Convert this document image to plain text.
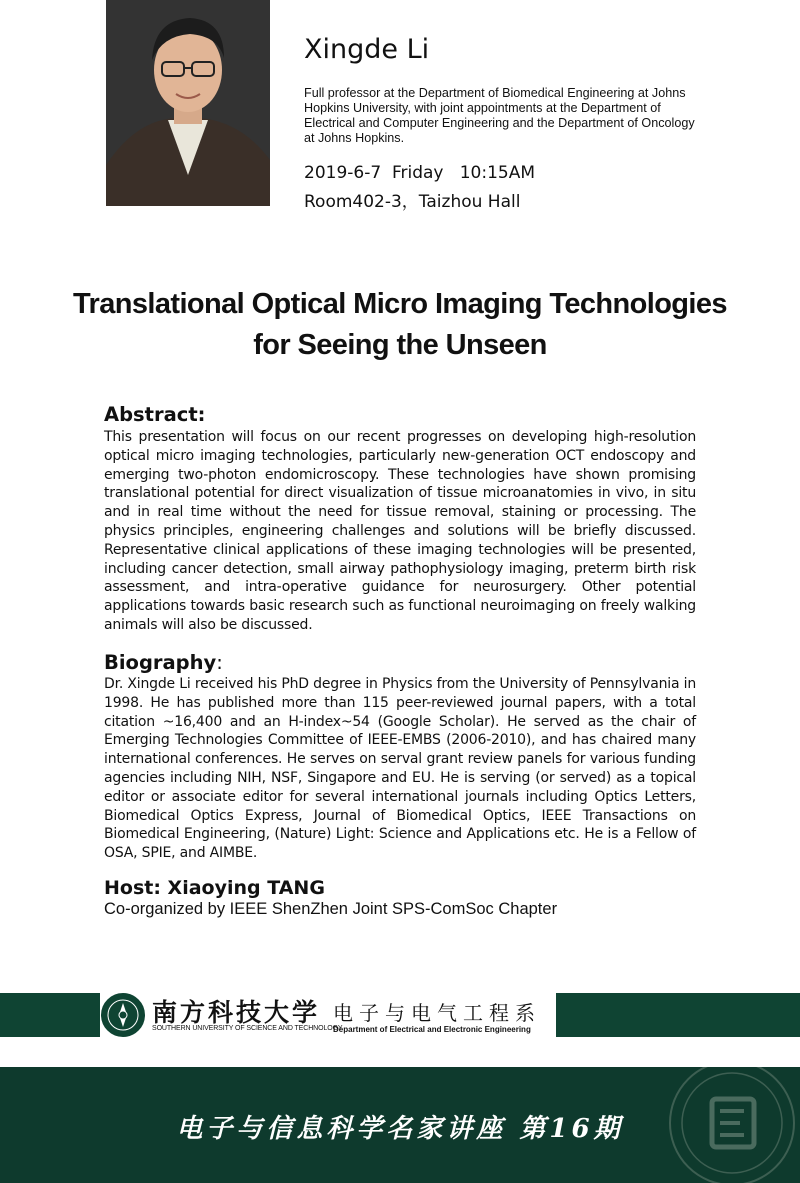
Xingde Li
Full professor at the Department of Biomedical Engineering at Johns Hopkins University, with joint appointments at the Department of Electrical and Computer Engineering and the Department of Oncology at Johns Hopkins.
2019-6-7  Friday   10:15AM
Room402-3，Taizhou Hall
Translational Optical Micro Imaging Technologies
for Seeing the Unseen
Abstract:
This presentation will focus on our recent progresses on developing high-resolution optical micro imaging technologies, particularly new-generation OCT endoscopy and emerging two-photon endomicroscopy. These technologies have shown promising translational potential for direct visualization of tissue microanatomies in vivo, in situ and in real time without the need for tissue removal, staining or processing. The physics principles, engineering challenges and solutions will be briefly discussed. Representative clinical applications of these imaging technologies will be presented, including cancer detection, small airway pathophysiology imaging, preterm birth risk assessment, and intra-operative guidance for neurosurgery. Other potential applications towards basic research such as functional neuroimaging on freely walking animals will also be discussed.
Biography:
Dr. Xingde Li received his PhD degree in Physics from the University of Pennsylvania in 1998. He has published more than 115 peer-reviewed journal papers, with a total citation ~16,400 and an H-index~54 (Google Scholar). He served as the chair of Emerging Technologies Committee of IEEE-EMBS (2006-2010), and has chaired many international conferences. He serves on serval grant review panels for various funding agencies including NIH, NSF, Singapore and EU. He is serving (or served) as a topical editor or associate editor for several international journals including Optics Letters, Biomedical Optics Express, Journal of Biomedical Optics, IEEE Transactions on Biomedical Engineering, (Nature) Light: Science and Applications etc. He is a Fellow of OSA, SPIE, and AIMBE.
Host: Xiaoying TANG
Co-organized by IEEE ShenZhen Joint SPS-ComSoc Chapter
南方科技大学
SOUTHERN UNIVERSITY OF SCIENCE AND TECHNOLOGY
电子与电气工程系
Department of Electrical and Electronic Engineering
电子与信息科学名家讲座 第16期
